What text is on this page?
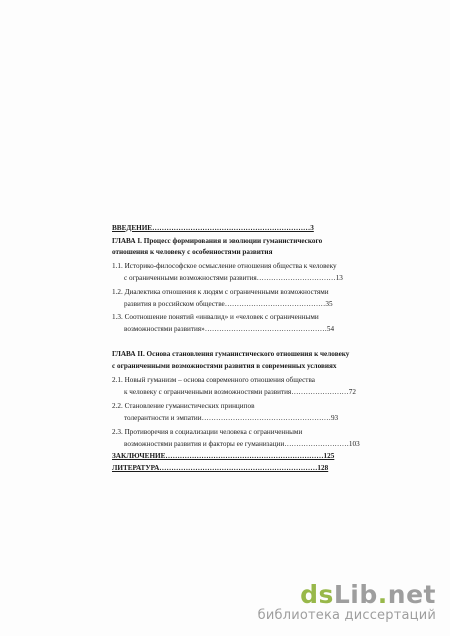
ВВЕДЕНИЕ…………………………………………………………3
ГЛАВА I. Процесс формирования и эволюции гуманистического
отношения к человеку с особенностями развития
1.1. Историко-философское осмысление отношения общества к человеку
с ограниченными возможностями развития……………………………13
1.2. Диалектика отношения к людям с ограниченными возможностями
развития в российском обществе……………………………………35
1.3. Соотношение понятий «инвалид» и «человек с ограниченными
возможностями развития»……………………………………………54
ГЛАВА II. Основа становления гуманистического отношения к человеку
с ограниченными возможностями развития в современных условиях
2.1. Новый гуманизм – основа современного отношения общества
к человеку с ограниченными возможностями развития……………………72
2.2. Становление гуманистических принципов
толерантности и эмпатии………………………………………………93
2.3. Противоречия в социализации человека с ограниченными
возможностями развития и факторы ее гуманизации………………………103
ЗАКЛЮЧЕНИЕ…………………………………………………………125
ЛИТЕРАТУРА…………………………………………………………128
dsLib.net
библиотека диссертаций
